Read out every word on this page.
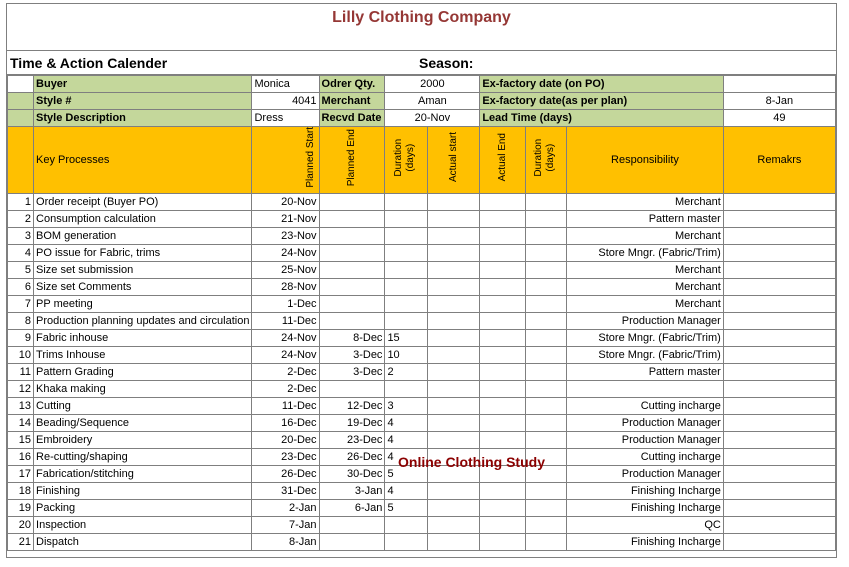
Lilly Clothing Company
Time & Action Calender	Season:
	Buyer	Monica	Odrer Qty.	2000		Ex-factory date (on PO)			
	Style #	4041	Merchant	Aman		Ex-factory date(as per plan)			8-Jan
	Style Description	Dress	Recvd Date	20-Nov		Lead Time (days)			49
	Key Processes	Planned Start	Planned End	Duration (days)	Actual start	Actual End	Duration (days)	Responsibility	Remakrs
1	Order receipt (Buyer PO)	20-Nov						Merchant	
2	Consumption calculation	21-Nov						Pattern master	
3	BOM generation	23-Nov						Merchant	
4	PO issue for Fabric, trims	24-Nov						Store Mngr. (Fabric/Trim)	
5	Size set submission	25-Nov						Merchant	
6	Size set Comments	28-Nov						Merchant	
7	PP meeting	1-Dec						Merchant	
8	Production planning updates and circulation	11-Dec						Production Manager	
9	Fabric inhouse	24-Nov	8-Dec	15				Store Mngr. (Fabric/Trim)	
10	Trims Inhouse	24-Nov	3-Dec	10				Store Mngr. (Fabric/Trim)	
11	Pattern Grading	2-Dec	3-Dec	2				Pattern master	
12	Khaka making	2-Dec							
13	Cutting	11-Dec	12-Dec	3				Cutting incharge	
14	Beading/Sequence	16-Dec	19-Dec	4				Production Manager	
15	Embroidery	20-Dec	23-Dec	4				Production Manager	
16	Re-cutting/shaping	23-Dec	26-Dec	4				Cutting incharge	
17	Fabrication/stitching	26-Dec	30-Dec	5				Production Manager	
18	Finishing	31-Dec	3-Jan	4				Finishing Incharge	
19	Packing	2-Jan	6-Jan	5				Finishing Incharge	
20	Inspection	7-Jan						QC	
21	Dispatch	8-Jan						Finishing Incharge	
Online Clothing Study
